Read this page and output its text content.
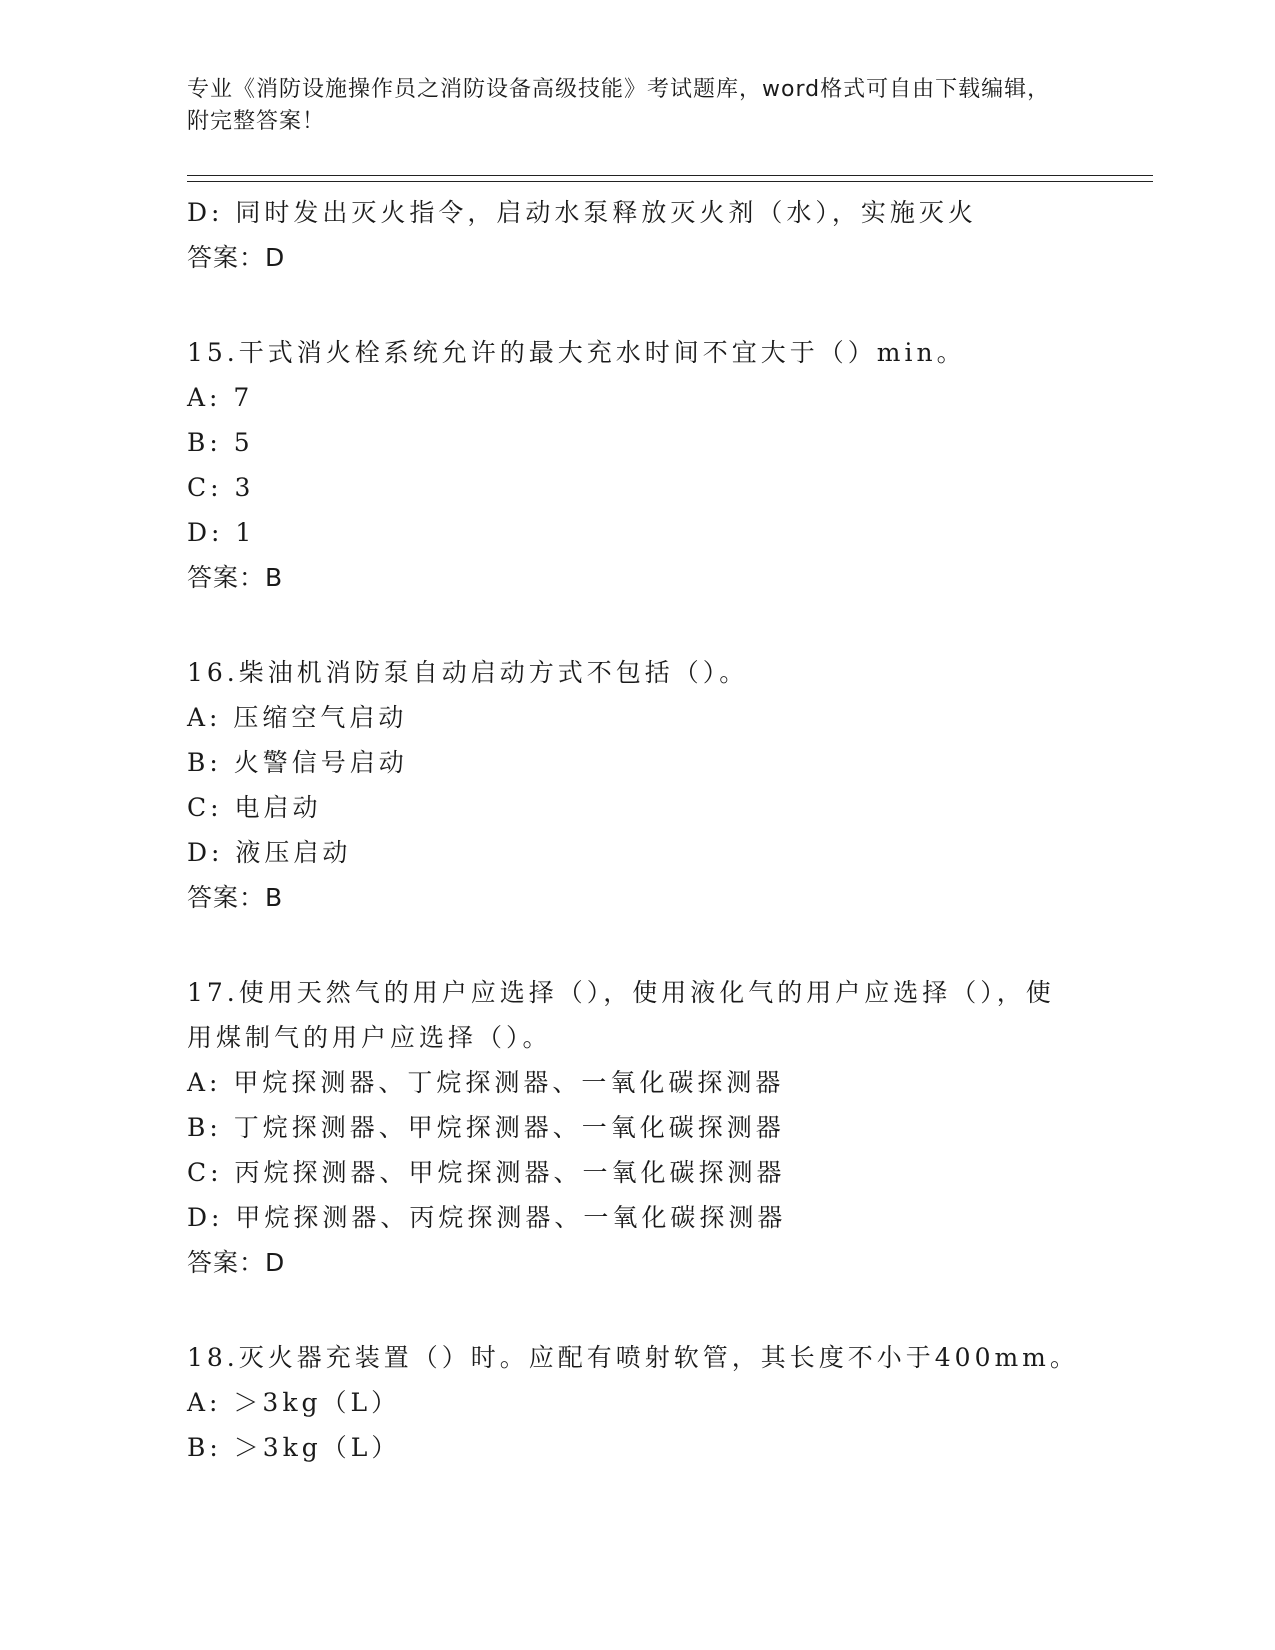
专业《消防设施操作员之消防设备高级技能》考试题库，word格式可自由下载编辑，附完整答案！
D: 同时发出灭火指令，启动水泵释放灭火剂（水），实施灭火
答案：D
15.干式消火栓系统允许的最大充水时间不宜大于（）min。
A: 7
B: 5
C: 3
D: 1
答案：B
16.柴油机消防泵自动启动方式不包括（）。
A: 压缩空气启动
B: 火警信号启动
C: 电启动
D: 液压启动
答案：B
17.使用天然气的用户应选择（），使用液化气的用户应选择（），使用煤制气的用户应选择（）。
A: 甲烷探测器、丁烷探测器、一氧化碳探测器
B: 丁烷探测器、甲烷探测器、一氧化碳探测器
C: 丙烷探测器、甲烷探测器、一氧化碳探测器
D: 甲烷探测器、丙烷探测器、一氧化碳探测器
答案：D
18.灭火器充装置（）时。应配有喷射软管，其长度不小于400mm。
A: ＞3kg（L）
B: ＞3kg（L）
